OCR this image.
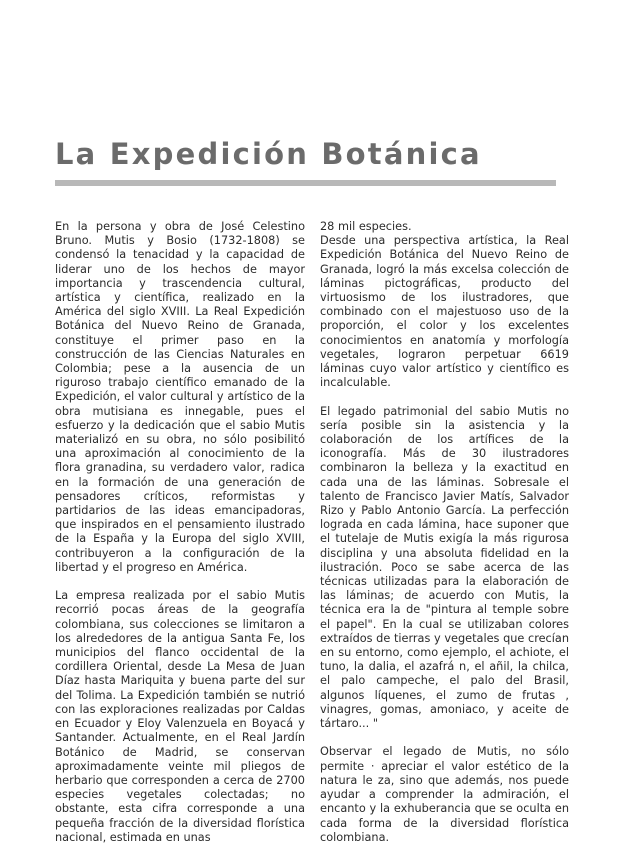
La Expedición Botánica

En la persona y obra de José Celestino Bruno. Mutis y Bosio (1732-1808) se condensó la tenacidad y la capacidad de liderar uno de los hechos de mayor importancia y trascendencia cultural, artística y científica, realizado en la América del siglo XVIII. La Real Expedición Botánica del Nuevo Reino de Granada, constituye el primer paso en la construcción de las Ciencias Naturales en Colombia; pese a la ausencia de un riguroso trabajo científico emanado de la Expedición, el valor cultural y artístico de la obra mutisiana es innegable, pues el esfuerzo y la dedicación que el sabio Mutis materializó en su obra, no sólo posibilitó una aproximación al conocimiento de la flora granadina, su verdadero valor, radica en la formación de una generación de pensadores críticos, reformistas y partidarios de las ideas emancipadoras, que inspirados en el pensamiento ilustrado de la España y la Europa del siglo XVIII, contribuyeron a la configuración de la libertad y el progreso en América.

La empresa realizada por el sabio Mutis recorrió pocas áreas de la geografía colombiana, sus colecciones se limitaron a los alrededores de la antigua Santa Fe, los municipios del flanco occidental de la cordillera Oriental, desde La Mesa de Juan Díaz hasta Mariquita y buena parte del sur del Tolima. La Expedición también se nutrió con las exploraciones realizadas por Caldas en Ecuador y Eloy Valenzuela en Boyacá y Santander. Actualmente, en el Real Jardín Botánico de Madrid, se conservan aproximadamente veinte mil pliegos de herbario que corresponden a cerca de 2700 especies vegetales colectadas; no obstante, esta cifra corresponde a una pequeña fracción de la diversidad florística nacional, estimada en unas

28 mil especies.

Desde una perspectiva artística, la Real Expedición Botánica del Nuevo Reino de Granada, logró la más excelsa colección de láminas pictográficas, producto del virtuosismo de los ilustradores, que combinado con el majestuoso uso de la proporción, el color y los excelentes conocimientos en anatomía y morfología vegetales, lograron perpetuar 6619 láminas cuyo valor artístico y científico es incalculable.

El legado patrimonial del sabio Mutis no sería posible sin la asistencia y la colaboración de los artífices de la iconografía. Más de 30 ilustradores combinaron la belleza y la exactitud en cada una de las láminas. Sobresale el talento de Francisco Javier Matís, Salvador Rizo y Pablo Antonio García. La perfección lograda en cada lámina, hace suponer que el tutelaje de Mutis exigía la más rigurosa disciplina y una absoluta fidelidad en la ilustración. Poco se sabe acerca de las técnicas utilizadas para la elaboración de las láminas; de acuerdo con Mutis, la técnica era la de "pintura al temple sobre el papel". En la cual se utilizaban colores extraídos de tierras y vegetales que crecían en su entorno, como ejemplo, el achiote, el tuno, la dalia, el azafrá n, el añil, la chilca, el palo campeche, el palo del Brasil, algunos líquenes, el zumo de frutas , vinagres, gomas, amoniaco, y aceite de tártaro... "

Observar el legado de Mutis, no sólo permite · apreciar el valor estético de la natura le za, sino que además, nos puede ayudar a comprender la admiración, el encanto y la exhuberancia que se oculta en cada forma de la diversidad florística colombiana.
